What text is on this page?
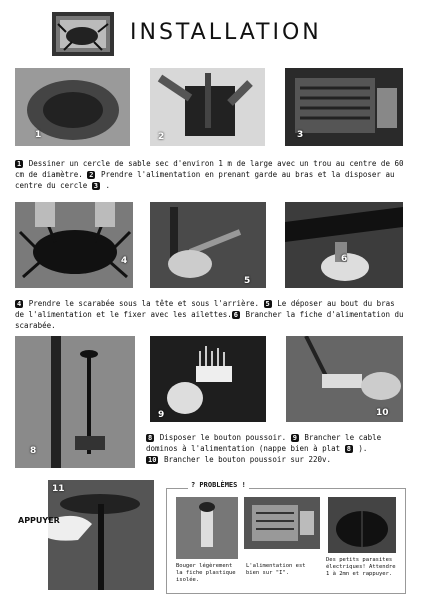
INSTALLATION
1	2	3
1 Dessiner un cercle de sable sec d'environ 1 m de large avec un trou au centre de 60 cm de diamètre. 2 Prendre l'alimentation en prenant garde au bras et la disposer au centre du cercle 3 .
4
5
6
4 Prendre le scarabée sous la tête et sous l'arrière. 5 Le déposer au bout du bras de l'alimentation et le fixer avec les ailettes. 6 Brancher la fiche d'alimentation du scarabée.
8
9	10
8 Disposer le bouton poussoir. 9 Brancher le cable dominos à l'alimentation (nappe bien à plat 8 ).
10 Brancher le bouton poussoir sur 220v.
11
APPUYER
? PROBLÈMES !
Bouger légèrement la fiche plastique isolée.
L'alimentation est bien sur "I".
Des petits parasites électriques! Attendre 1 à 2mn et rappuyer.
